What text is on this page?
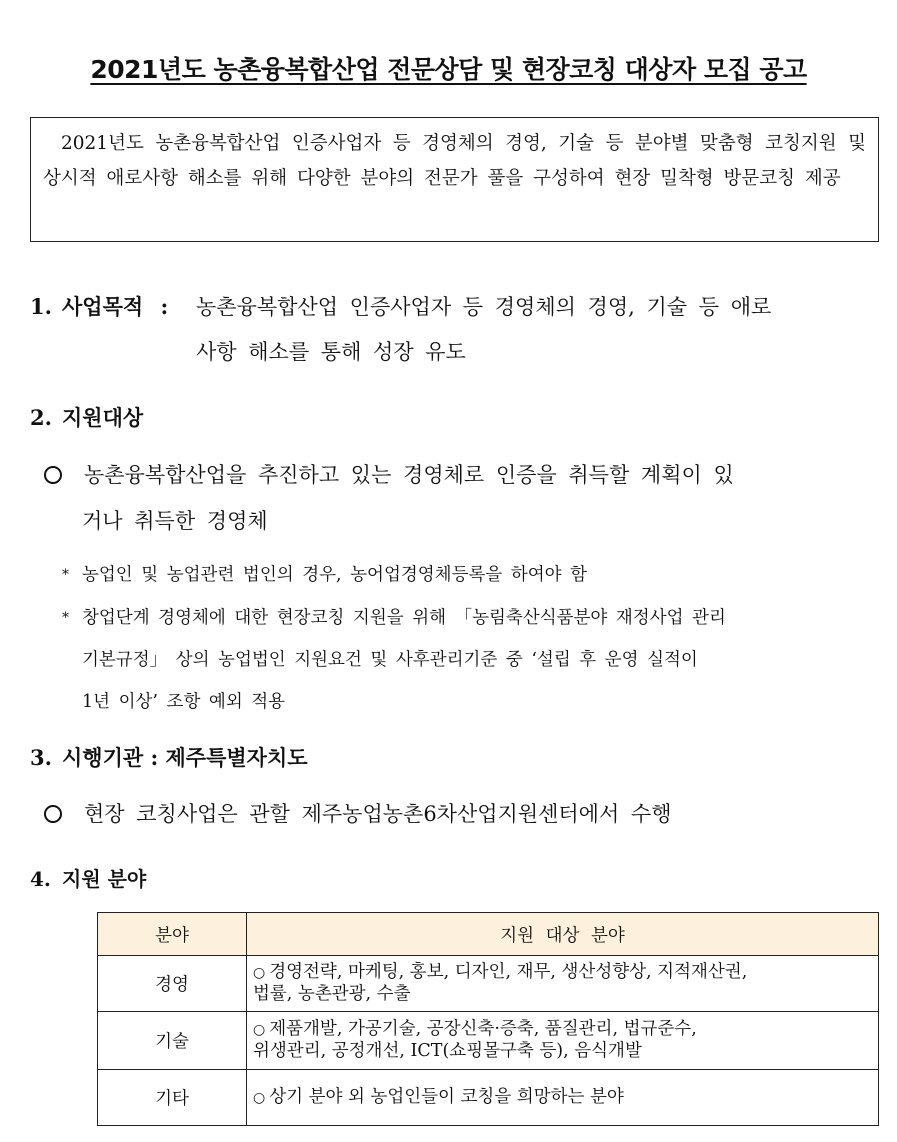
2021년도 농촌융복합산업 전문상담 및 현장코칭 대상자 모집 공고
2021년도 농촌융복합산업 인증사업자 등 경영체의 경영, 기술 등 분야별 맞춤형 코칭지원 및 상시적 애로사항 해소를 위해 다양한 분야의 전문가 풀을 구성하여 현장 밀착형 방문코칭 제공
1. 사업목적 :	농촌융복합산업 인증사업자 등 경영체의 경영, 기술 등 애로
사항 해소를 통해 성장 유도
2. 지원대상
농촌융복합산업을 추진하고 있는 경영체로 인증을 취득할 계획이 있
거나 취득한 경영체
* 농업인 및 농업관련 법인의 경우, 농어업경영체등록을 하여야 함
* 창업단계 경영체에 대한 현장코칭 지원을 위해 「농림축산식품분야 재정사업 관리
기본규정」 상의 농업법인 지원요건 및 사후관리기준 중 ‘설립 후 운영 실적이
1년 이상’ 조항 예외 적용
3. 시행기관 : 제주특별자치도
현장 코칭사업은 관할 제주농업농촌6차산업지원센터에서 수행
4. 지원 분야
분야	지원 대상 분야
경영	○ 경영전략, 마케팅, 홍보, 디자인, 재무, 생산성향상, 지적재산권,
법률, 농촌관광, 수출
기술	○ 제품개발, 가공기술, 공장신축·증축, 품질관리, 법규준수,
위생관리, 공정개선, ICT(쇼핑몰구축 등), 음식개발
기타	○ 상기 분야 외 농업인들이 코칭을 희망하는 분야
